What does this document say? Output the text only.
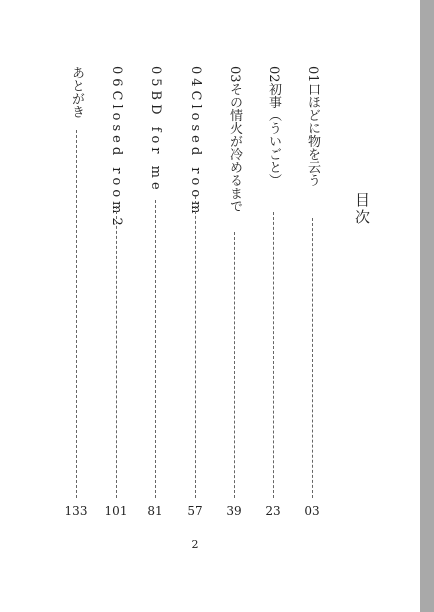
目次
01口ほどに物を云う
03
02初事（ういごと）
23
03その情火が冷めるまで
39
04Closed room
57
05BD for me
81
06Closed room2
101
あとがき
133
2
